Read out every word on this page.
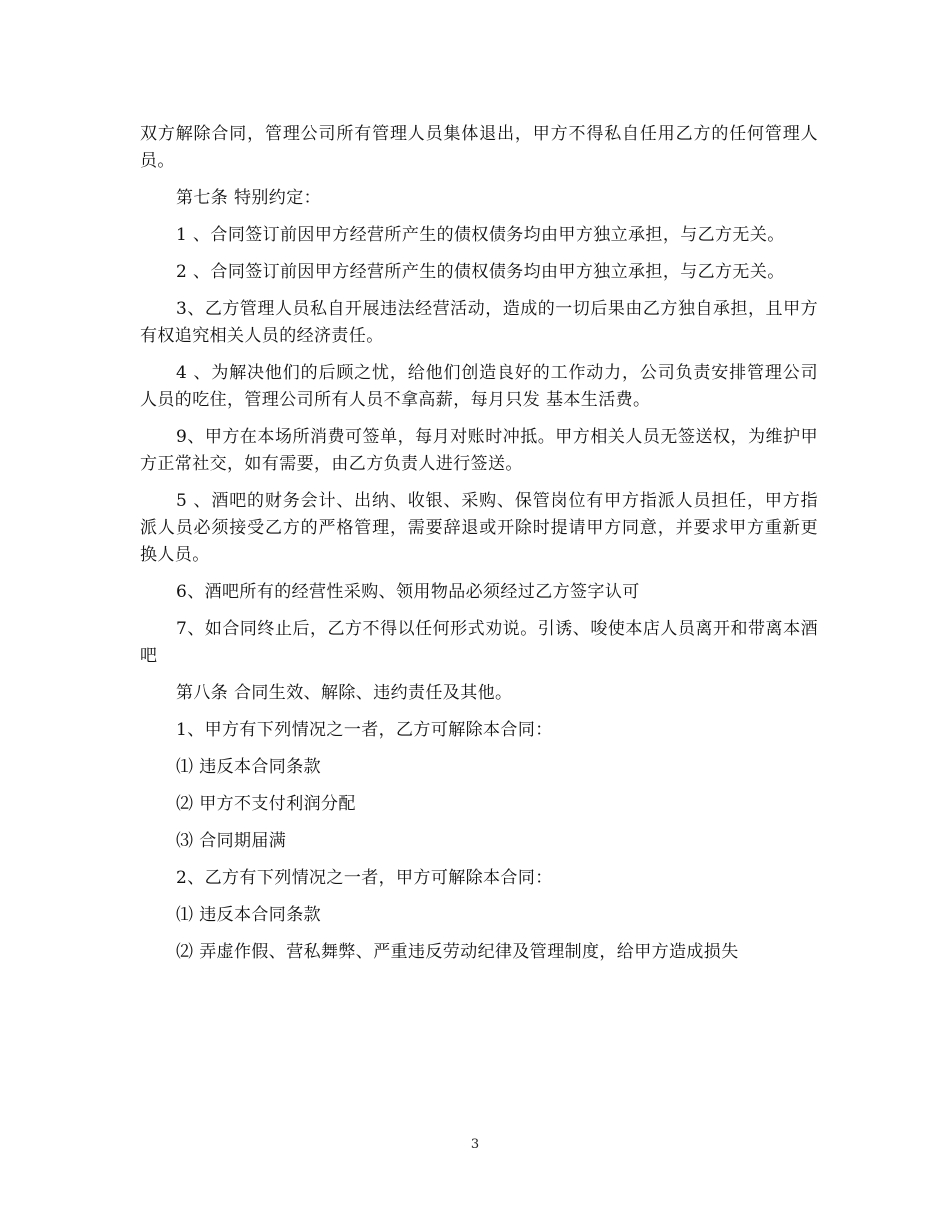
双方解除合同，管理公司所有管理人员集体退出，甲方不得私自任用乙方的任何管理人员。

第七条 特别约定：

1 、合同签订前因甲方经营所产生的债权债务均由甲方独立承担，与乙方无关。

2 、合同签订前因甲方经营所产生的债权债务均由甲方独立承担，与乙方无关。

3、乙方管理人员私自开展违法经营活动，造成的一切后果由乙方独自承担，且甲方有权追究相关人员的经济责任。

4 、为解决他们的后顾之忧，给他们创造良好的工作动力，公司负责安排管理公司人员的吃住，管理公司所有人员不拿高薪，每月只发 基本生活费。

9、甲方在本场所消费可签单，每月对账时冲抵。甲方相关人员无签送权，为维护甲方正常社交，如有需要，由乙方负责人进行签送。

5 、酒吧的财务会计、出纳、收银、采购、保管岗位有甲方指派人员担任，甲方指派人员必须接受乙方的严格管理，需要辞退或开除时提请甲方同意，并要求甲方重新更换人员。

6、酒吧所有的经营性采购、领用物品必须经过乙方签字认可

7、如合同终止后，乙方不得以任何形式劝说。引诱、唆使本店人员离开和带离本酒吧

第八条 合同生效、解除、违约责任及其他。

1、甲方有下列情况之一者，乙方可解除本合同：

⑴ 违反本合同条款

⑵ 甲方不支付利润分配

⑶ 合同期届满

2、乙方有下列情况之一者，甲方可解除本合同：

⑴ 违反本合同条款

⑵ 弄虚作假、营私舞弊、严重违反劳动纪律及管理制度，给甲方造成损失

3
